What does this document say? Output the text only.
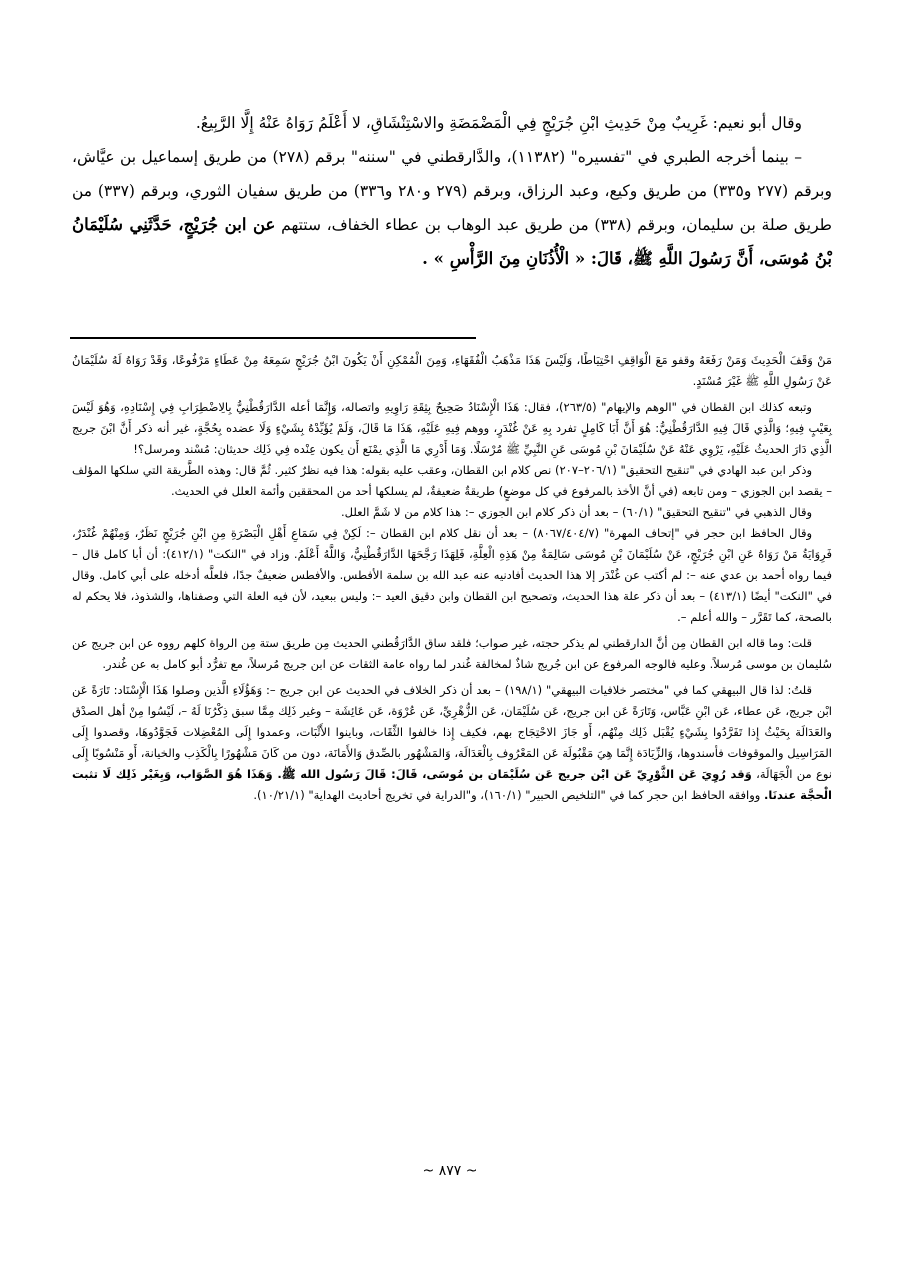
وقال أبو نعيم: غَرِيبٌ مِنْ حَدِيثِ ابْنِ جُرَيْجٍ فِي الْمَضْمَضَةِ والاسْتِنْشَاقِ، لا أَعْلَمُ رَوَاهُ عَنْهُ إِلَّا الرَّبِيعُ.

– بينما أخرجه الطبري في "تفسيره" (١١٣٨٢)، والدَّارقطني في "سننه" برقم (٢٧٨) من طريق إسماعيل بن عيَّاش، وبرقم (٢٧٧ و٣٣٥) من طريق وكيع، وعبد الرزاق، وبرقم (٢٧٩ و٢٨٠ و٣٣٦) من طريق سفيان الثوري، وبرقم (٣٣٧) من طريق صلة بن سليمان، وبرقم (٣٣٨) من طريق عبد الوهاب بن عطاء الخفاف، ستتهم عن ابن جُرَيْجٍ، حَدَّثَنِي سُلَيْمَانُ بْنُ مُوسَى، أَنَّ رَسُولَ اللَّهِ ﷺ، قَالَ: « الْأُذُنَانِ مِنَ الرَّأْسِ » .

مَنْ وَقَفَ الْحَدِيثَ وَمَنْ رَفَعَهُ وقفو مَعَ الْوَاقِفِ احْتِيَاطًا، وَلَيْسَ هَذَا مَذْهَبُ الْفُقَهَاءِ، وَمِنَ الْمُمْكِنِ أَنْ يَكُونَ ابْنُ جُرَيْجٍ سَمِعَهُ مِنْ عَطَاءٍ مَرْفُوعًا، وَقَدْ رَوَاهُ لَهُ سُلَيْمَانُ عَنْ رَسُولِ اللَّهِ ﷺ غَيْرَ مُسْنَدٍ.

وتبعه كذلك ابن القطان في "الوهم والإيهام" (٢٦٣/٥)، فقال: هَذَا الْإِسْنَادُ صَحِيحٌ بِثِقَةِ رَاوِيهِ واتصاله، وَإِنَّمَا أعله الدَّارَقُطْنِيُّ بِالِاضْطِرَابِ فِي إِسْنَادِهِ، وَهُوَ لَيْسَ بِعَيْبٍ فِيهِ؛ وَالَّذِي قَالَ فِيهِ الدَّارَقُطْنِيُّ: هُوَ أَنَّ أَبَا كَامِلٍ تفرد بِهِ عَنْ غُنْدَرٍ، ووهم فِيهِ عَلَيْهِ، هَذَا مَا قَالَ، وَلَمْ يُؤَيِّدْهُ بِشَيْءٍ وَلَا عضده بِحُجَّةٍ، غير أنه ذكر أَنَّ ابْنَ جريج الَّذِي دَارَ الحديثُ عَلَيْهِ، يَرْوِي عَنْهُ عَنْ سُلَيْمَانَ بْنِ مُوسَى عَنِ النَّبِيِّ ﷺ مُرْسَلًا. وَمَا أَدْرِي مَا الَّذِي يمْنَع أَن يكون عِنْده فِي ذَلِك حديثان: مُسْند ومرسل؟!

وذكر ابن عبد الهادي في "تنقيح التحقيق" (٢٠٦/١–٢٠٧) نص كلام ابن القطان، وعقب عليه بقوله: هذا فيه نظرٌ كثير. ثُمَّ قال: وهذه الطَّريقة التي سلكها المؤلف – يقصد ابن الجوزي – ومن تابعه (في أنَّ الأخذ بالمرفوع في كل موضعٍ) طريقةٌ ضعيفةٌ، لم يسلكها أحد من المحققين وأئمة العلل في الحديث.

وقال الذهبي في "تنقيح التحقيق" (٦٠/١) – بعد أن ذكر كلام ابن الجوزي –: هذا كلام من لا شَمَّ العلل.

وقال الحافظ ابن حجر في "إتحاف المهرة" (٨٠٦٧/٤٠٤/٧) – بعد أن نقل كلام ابن القطان –: لَكِنْ فِي سَمَاعِ أَهْلِ الْبَصْرَةِ مِنِ ابْنِ جُرَيْجٍ نَظَرٌ، وَمِنْهُمْ غُنْدَرٌ، فَرِوَايَةُ مَنْ رَوَاهُ عَنِ ابْنِ جُرَيْجٍ، عَنْ سُلَيْمَانَ بْنِ مُوسَى سَالِمَةٌ مِنْ هَذِهِ الْعِلَّةِ، فَلِهَذَا رَجَّحَهَا الدَّارَقُطْنِيُّ، وَاللَّهُ أَعْلَمُ. وزاد في "النكت" (٤١٢/١): أن أبا كامل قال – فيما رواه أحمد بن عدي عنه –: لم أكتب عن غُنْدَر إلا هذا الحديث أفادنيه عنه عبد الله بن سلمة الأفطس. والأفطس ضعيفٌ جدًا، فلعلَّه أدخله على أبي كامل. وقال في "النكت" أيضًا (٤١٣/١) – بعد أن ذكر علة هذا الحديث، وتصحيح ابن القطان وابن دقيق العيد –: وليس ببعيد، لأن فيه العلة التي وصفناها، والشذوذ، فلا يحكم له بالصحة، كما تَقَرَّر – والله أعلم –.

قلت: وما قاله ابن القطان مِن أنَّ الدارقطني لم يذكر حجته، غير صواب؛ فلقد ساق الدَّارَقُطني الحديث مِن طريق ستة مِن الرواة كلهم رووه عن ابن جريج عن سُليمان بن موسى مُرسلاً. وعليه فالوجه المرفوع عن ابن جُريج شاذٌ لمخالفة غُندر لما رواه عامة الثقات عن ابن جريج مُرسلاً، مع تفرُّد أبو كامل به عن غُندر.

قلتُ: لذا قال البيهقي كما في "مختصر خلافيات البيهقي" (١٩٨/١) – بعد أن ذكر الخلاف في الحديث عن ابن جريج –: وَهَؤُلَاءِ الَّذين وصلوا هَذَا الْإِسْنَاد: تَارَةً عَن ابْن جريج، عَن عطاء، عَن ابْنِ عَبَّاس، وَتَارَةً عَن ابن جريج، عَن سُلَيْمَان، عَن الزُّهْرِيِّ، عَن عُرْوَة، عَن عَائِشَة – وغير ذَلِك مِمَّا سبق ذِكْرُنَا لَهُ –، لَيْسُوا مِنْ أهل الصدْق والعَدَالَة بِحَيْثُ إِذا تَفَرَّدُوا بِشَيْءٍ يُقْبَل ذَلِك مِنْهُم، أَو جَازَ الاحْتِجَاج بهم، فكيف إِذا خالفوا الثِّقَات، وباينوا الأَثْبَات، وعمدوا إِلَى المُعْضِلات فَجَوَّدُوهَا، وقصدوا إِلَى المَرَاسِيل والموقوفات فأسندوها، وَالزِّيَادَة إِنَّمَا هِيَ مَقْبُولَة عَن المَعْرُوف بِالْعَدَالَة، وَالمَشْهُور بالصِّدق وَالأَمَانَة، دون من كَانَ مَشْهُورًا بِالْكَذِب والخيانة، أَو مَنْسُوبًا إِلَى نوع من الْجَهَالَة، وَقد رُوِيَ عَن الثَّوْرِيّ عَن ابْن جريج عَن سُلَيْمَان بن مُوسَى، قَالَ: قَالَ رَسُول الله ﷺ. وَهَذَا هُوَ الصَّوَاب، وَبِغَيْر ذَلِك لَا تثبت الْحجَّة عندنَا. ووافقه الحافظ ابن حجر كما في "التلخيص الحبير" (١٦٠/١)، و"الدراية في تخريج أحاديث الهداية" (١٠/٢١/١).

~ ٨٧٧ ~
